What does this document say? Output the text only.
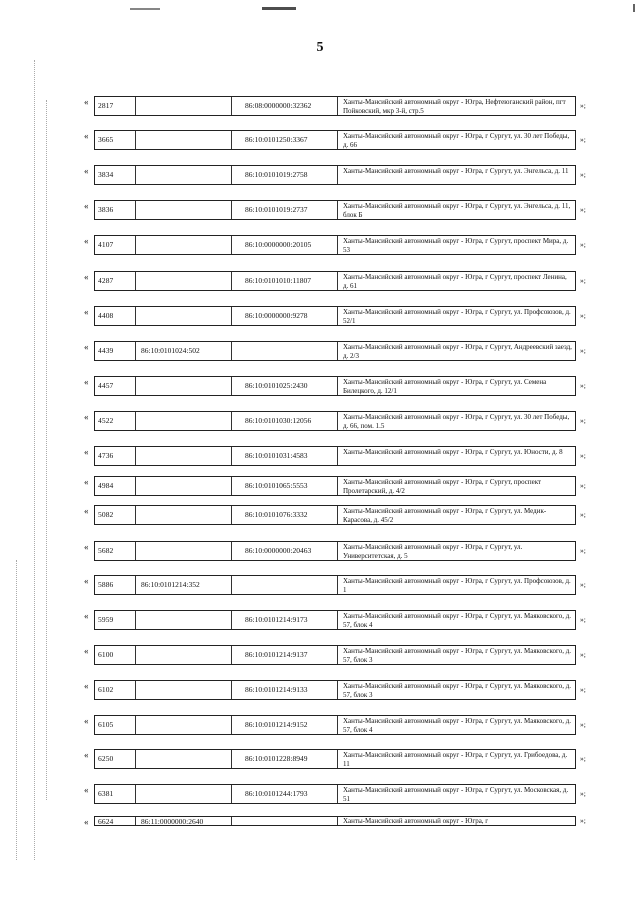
5
«	2817	86:08:0000000:32362	Ханты-Мансийский автономный округ - Югра, Нефтеюганский район, пгт Пойковский, мкр 3-й, стр.5
»;
«	3665	86:10:0101250:3367	Ханты-Мансийский автономный округ - Югра, г Сургут, ул. 30 лет Победы, д. 66
»;
«	3834	86:10:0101019:2758	Ханты-Мансийский автономный округ - Югра, г Сургут, ул. Энгельса, д. 11	»;
«	3836	86:10:0101019:2737	Ханты-Мансийский автономный округ - Югра, г Сургут, ул. Энгельса, д. 11, блок Б
»;
«	4107	86:10:0000000:20105	Ханты-Мансийский автономный округ - Югра, г Сургут, проспект Мира, д. 53
»;
«	4287	86:10:0101010:11807	Ханты-Мансийский автономный округ - Югра, г Сургут, проспект Ленина, д. 61
»;
«	4408	86:10:0000000:9278	Ханты-Мансийский автономный округ - Югра, г Сургут, ул. Профсоюзов, д. 52/1
»;
«	4439	86:10:0101024:502	Ханты-Мансийский автономный округ - Югра, г Сургут, Андреевский заезд, д. 2/3
»;
«	4457	86:10:0101025:2430	Ханты-Мансийский автономный округ - Югра, г Сургут, ул. Семена Билецкого, д. 12/1
»;
«	4522	86:10:0101030:12056	Ханты-Мансийский автономный округ - Югра, г Сургут, ул. 30 лет Победы, д. 66, пом. 1.5
»;
«	4736	86:10:0101031:4583	Ханты-Мансийский автономный округ - Югра, г Сургут, ул. Юности, д. 8	»;
«	4984	86:10:0101065:5553	Ханты-Мансийский автономный округ - Югра, г Сургут, проспект Пролетарский, д. 4/2
»;
«	5082	86:10:0101076:3332	Ханты-Мансийский автономный округ - Югра, г Сургут, ул. Медик-Карасова, д. 45/2
»;
«	5682	86:10:0000000:20463	Ханты-Мансийский автономный округ - Югра, г Сургут, ул. Университетская, д. 5
»;
«	5886	86:10:0101214:352	Ханты-Мансийский автономный округ - Югра, г Сургут, ул. Профсоюзов, д. 1
»;
«	5959	86:10:0101214:9173	Ханты-Мансийский автономный округ - Югра, г Сургут, ул. Маяковского, д. 57, блок 4
»;
«	6100	86:10:0101214:9137	Ханты-Мансийский автономный округ - Югра, г Сургут, ул. Маяковского, д. 57, блок 3
»;
«	6102	86:10:0101214:9133	Ханты-Мансийский автономный округ - Югра, г Сургут, ул. Маяковского, д. 57, блок 3
»;
«	6105	86:10:0101214:9152	Ханты-Мансийский автономный округ - Югра, г Сургут, ул. Маяковского, д. 57, блок 4
»;
«	6250	86:10:0101228:8949	Ханты-Мансийский автономный округ - Югра, г Сургут, ул. Грибоедова, д. 11
»;
«	6381	86:10:0101244:1793	Ханты-Мансийский автономный округ - Югра, г Сургут, ул. Московская, д. 51
»;
«	6624	86:11:0000000:2640	Ханты-Мансийский автономный округ - Югра, г	»;
